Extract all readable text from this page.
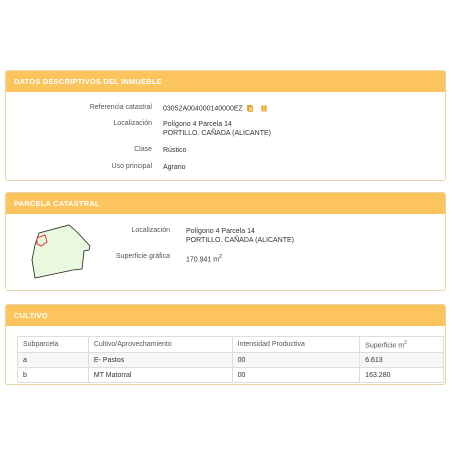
DATOS DESCRIPTIVOS DEL INMUEBLE
Referencia catastral 03052A004000140000EZ
Localización Polígono 4 Parcela 14
PORTILLO. CAÑADA (ALICANTE)
Clase Rústico
Uso principal Agrario
PARCELA CATASTRAL
Localización Polígono 4 Parcela 14
PORTILLO. CAÑADA (ALICANTE)
Superficie gráfica 170.941 $m^2$
CULTIVO
Subparcela	Cultivo/Aprovechamiento	Intensidad Productiva	Superficie $m^2$
a	E- Pastos	00	6.613
b	MT Matorral	00	163.280
